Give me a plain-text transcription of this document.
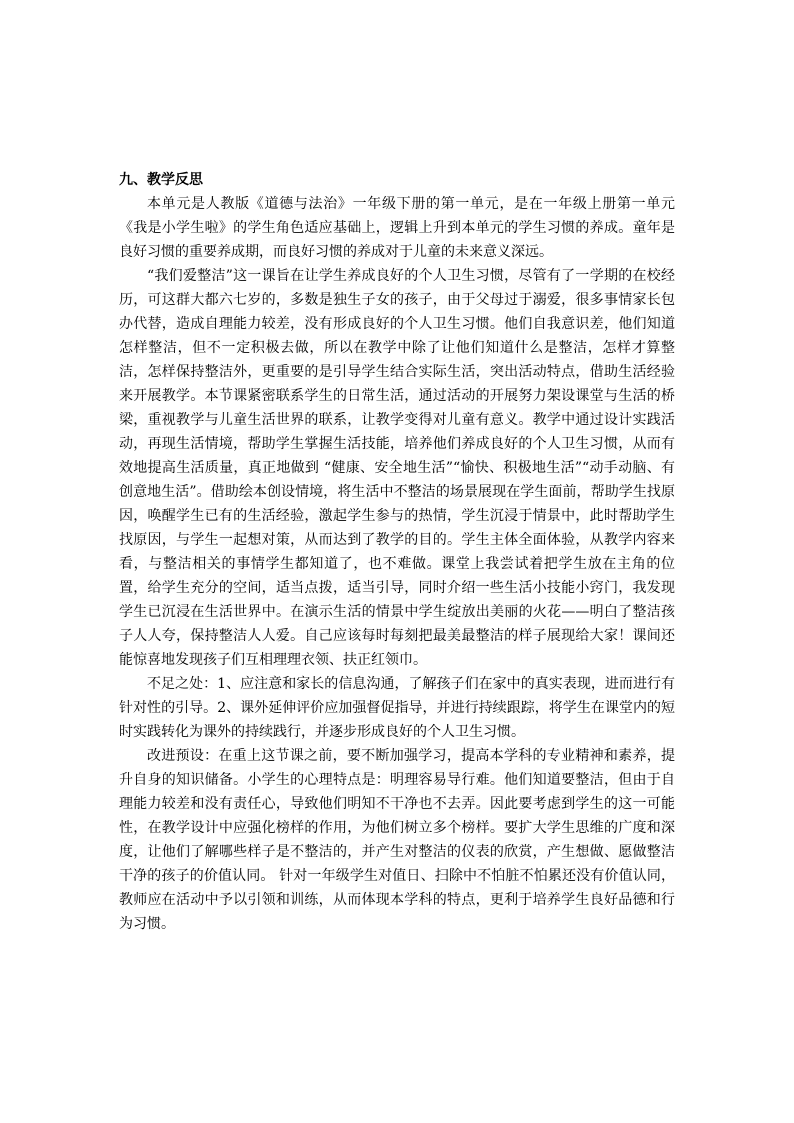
九、教学反思

本单元是人教版《道德与法治》一年级下册的第一单元，是在一年级上册第一单元《我是小学生啦》的学生角色适应基础上，逻辑上升到本单元的学生习惯的养成。童年是良好习惯的重要养成期，而良好习惯的养成对于儿童的未来意义深远。

“我们爱整洁”这一课旨在让学生养成良好的个人卫生习惯，尽管有了一学期的在校经历，可这群大都六七岁的，多数是独生子女的孩子，由于父母过于溺爱，很多事情家长包办代替，造成自理能力较差，没有形成良好的个人卫生习惯。他们自我意识差，他们知道怎样整洁，但不一定积极去做，所以在教学中除了让他们知道什么是整洁，怎样才算整洁，怎样保持整洁外，更重要的是引导学生结合实际生活，突出活动特点，借助生活经验来开展教学。本节课紧密联系学生的日常生活，通过活动的开展努力架设课堂与生活的桥梁，重视教学与儿童生活世界的联系，让教学变得对儿童有意义。教学中通过设计实践活动，再现生活情境，帮助学生掌握生活技能，培养他们养成良好的个人卫生习惯，从而有效地提高生活质量，真正地做到 “健康、安全地生活”“愉快、积极地生活”“动手动脑、有创意地生活”。借助绘本创设情境，将生活中不整洁的场景展现在学生面前，帮助学生找原因，唤醒学生已有的生活经验，激起学生参与的热情，学生沉浸于情景中，此时帮助学生找原因，与学生一起想对策，从而达到了教学的目的。学生主体全面体验，从教学内容来看，与整洁相关的事情学生都知道了，也不难做。课堂上我尝试着把学生放在主角的位置，给学生充分的空间，适当点拨，适当引导，同时介绍一些生活小技能小窍门，我发现学生已沉浸在生活世界中。在演示生活的情景中学生绽放出美丽的火花——明白了整洁孩子人人夸，保持整洁人人爱。自己应该每时每刻把最美最整洁的样子展现给大家！课间还能惊喜地发现孩子们互相理理衣领、扶正红领巾。

不足之处：1、应注意和家长的信息沟通，了解孩子们在家中的真实表现，进而进行有针对性的引导。2、课外延伸评价应加强督促指导，并进行持续跟踪，将学生在课堂内的短时实践转化为课外的持续践行，并逐步形成良好的个人卫生习惯。

改进预设：在重上这节课之前，要不断加强学习，提高本学科的专业精神和素养，提升自身的知识储备。小学生的心理特点是：明理容易导行难。他们知道要整洁，但由于自理能力较差和没有责任心，导致他们明知不干净也不去弄。因此要考虑到学生的这一可能性，在教学设计中应强化榜样的作用，为他们树立多个榜样。要扩大学生思维的广度和深度，让他们了解哪些样子是不整洁的，并产生对整洁的仪表的欣赏，产生想做、愿做整洁干净的孩子的价值认同。 针对一年级学生对值日、扫除中不怕脏不怕累还没有价值认同，教师应在活动中予以引领和训练，从而体现本学科的特点，更利于培养学生良好品德和行为习惯。
